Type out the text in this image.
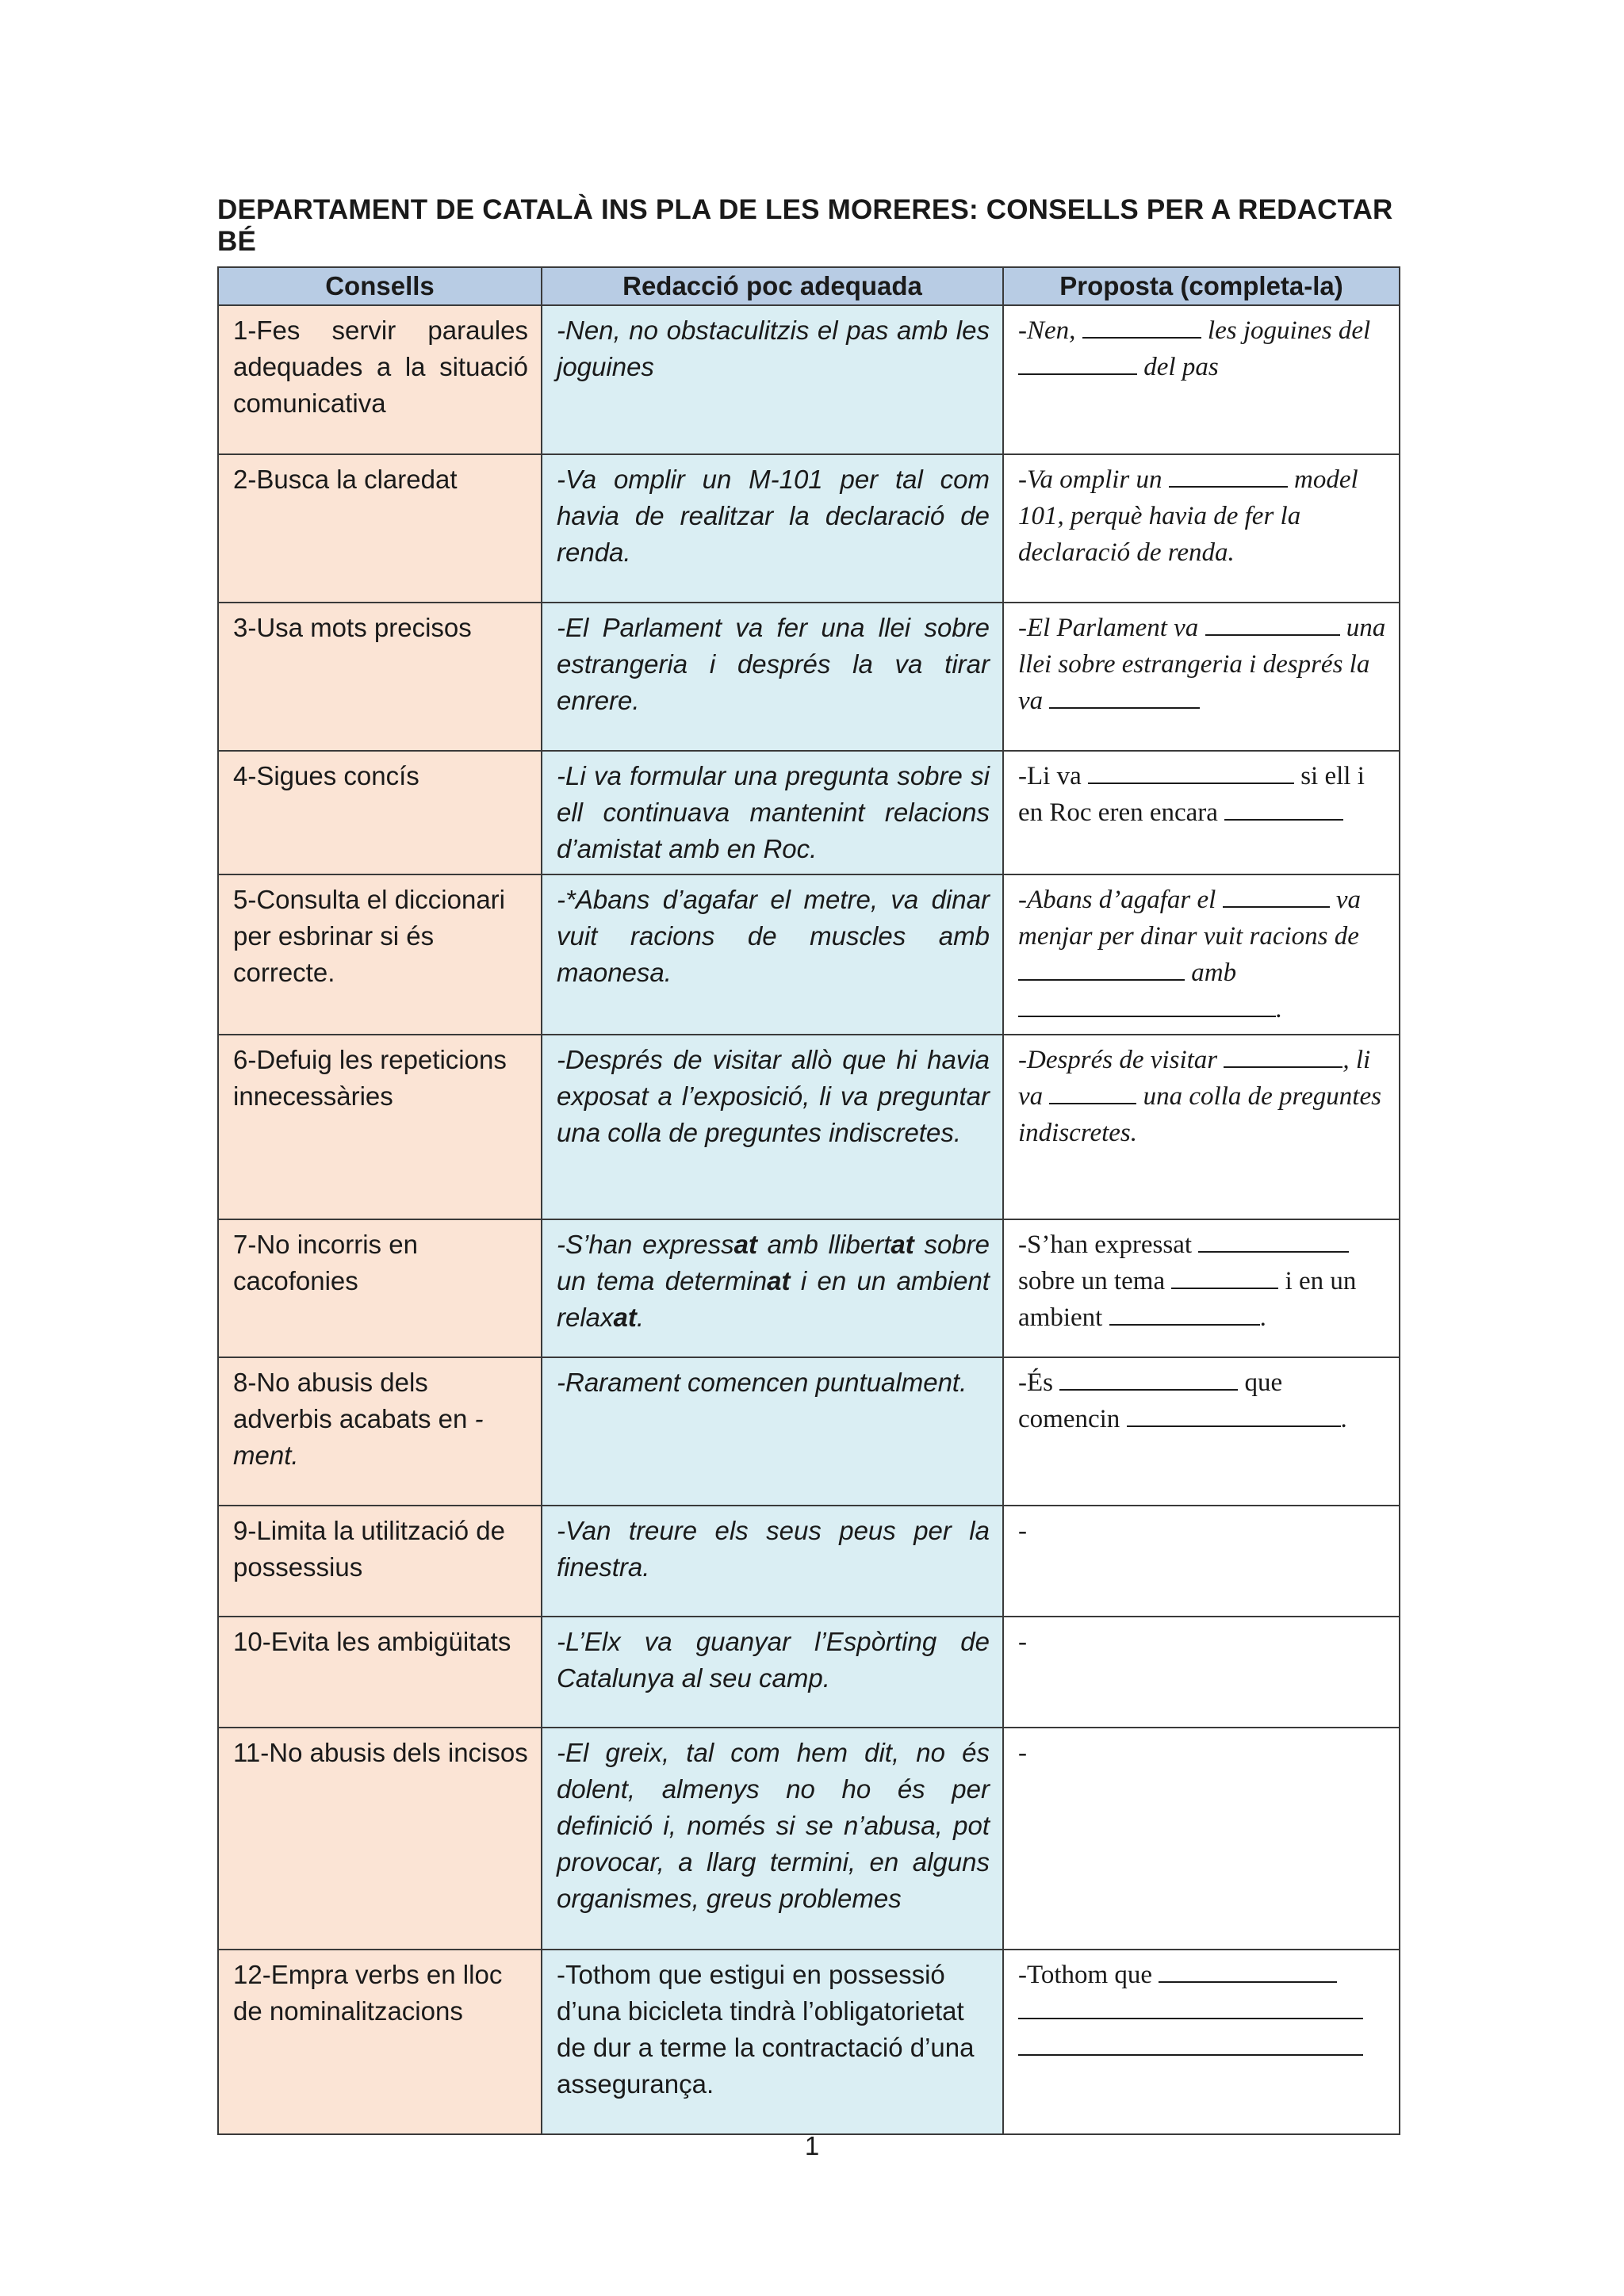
DEPARTAMENT DE CATALÀ INS PLA DE LES MORERES: CONSELLS PER A REDACTAR BÉ
Consells	Redacció poc adequada	Proposta (completa-la)
1-Fes servir paraules adequades a la situació comunicativa	-Nen, no obstaculitzis el pas amb les joguines	-Nen, les joguines del  del pas
2-Busca la claredat	-Va omplir un M-101 per tal com havia de realitzar la declaració de renda.	-Va omplir un model 101, perquè havia de fer la declaració de renda.
3-Usa mots precisos	-El Parlament va fer una llei sobre estrangeria i després la va tirar enrere.	-El Parlament va una llei sobre estrangeria i després la va
4-Sigues concís	-Li va formular una pregunta sobre si ell continuava mantenint relacions d’amistat amb en Roc.	-Li va si ell i en Roc eren encara
5-Consulta el diccionari per esbrinar si és correcte.	-*Abans d’agafar el metre, va dinar vuit racions de muscles amb maonesa.	-Abans d’agafar el va menjar per dinar vuit racions de  amb .
6-Defuig les repeticions innecessàries	-Després de visitar allò que hi havia exposat a l’exposició, li va preguntar una colla de preguntes indiscretes.	-Després de visitar , li va una colla de preguntes indiscretes.
7-No incorris en cacofonies	-S’han expressat amb llibertat sobre un tema determinat i en un ambient relaxat.	-S’han expressat sobre un tema i en un ambient .
8-No abusis dels adverbis acabats en -ment.	-Rarament comencen puntualment.	-És que comencin .
9-Limita la utilització de possessius	-Van treure els seus peus per la finestra.	-
10-Evita les ambigüitats	-L’Elx va guanyar l’Espòrting de Catalunya al seu camp.	-
11-No abusis dels incisos	-El greix, tal com hem dit, no és dolent, almenys no ho és per definició i, només si se n’abusa, pot provocar, a llarg termini, en alguns organismes, greus problemes	-
12-Empra verbs en lloc de nominalitzacions	-Tothom que estigui en possessió d’una bicicleta tindrà l’obligatorietat de dur a terme la contractació d’una assegurança.	-Tothom que

1
